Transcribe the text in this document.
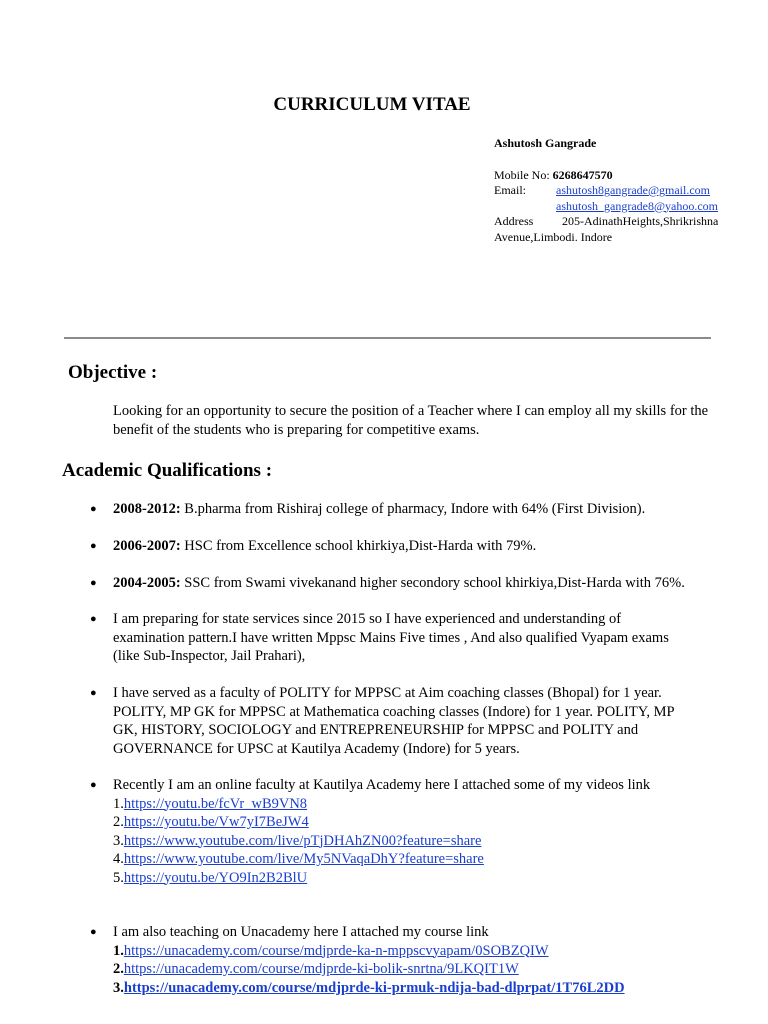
CURRICULUM VITAE
Ashutosh Gangrade
Mobile No: 6268647570
Email:	ashutosh8gangrade@gmail.com
ashutosh_gangrade8@yahoo.com
Address 205-AdinathHeights,Shrikrishna
Avenue,Limbodi. Indore
Objective :
Looking for an opportunity to secure the position of a Teacher where I can employ all my skills for the benefit of the students who is preparing for competitive exams.
Academic Qualifications :
●	2008-2012: B.pharma from Rishiraj college of pharmacy, Indore with 64% (First Division).
●	2006-2007: HSC from Excellence school khirkiya,Dist-Harda with 79%.
●	2004-2005: SSC from Swami vivekanand higher secondory school khirkiya,Dist-Harda with 76%.
●	I am preparing for state services since 2015 so I have experienced and understanding of examination pattern.I have written Mppsc Mains Five times , And also qualified Vyapam exams (like Sub-Inspector, Jail Prahari),
●	I have served as a faculty of POLITY for MPPSC at Aim coaching classes (Bhopal) for 1 year. POLITY, MP GK for MPPSC at Mathematica coaching classes (Indore) for 1 year. POLITY, MP GK, HISTORY, SOCIOLOGY and ENTREPRENEURSHIP for MPPSC and POLITY and GOVERNANCE for UPSC at Kautilya Academy (Indore) for 5 years.
●	Recently I am an online faculty at Kautilya Academy here I attached some of my videos link
1.https://youtu.be/fcVr_wB9VN8
2.https://youtu.be/Vw7yI7BeJW4
3.https://www.youtube.com/live/pTjDHAhZN00?feature=share
4.https://www.youtube.com/live/My5NVaqaDhY?feature=share
5.https://youtu.be/YO9In2B2BlU
●	I am also teaching on Unacademy here I attached my course link
1.https://unacademy.com/course/mdjprde-ka-n-mppscvyapam/0SOBZQIW
2.https://unacademy.com/course/mdjprde-ki-bolik-snrtna/9LKQIT1W
3.https://unacademy.com/course/mdjprde-ki-prmuk-ndija-bad-dlprpat/1T76L2DD
